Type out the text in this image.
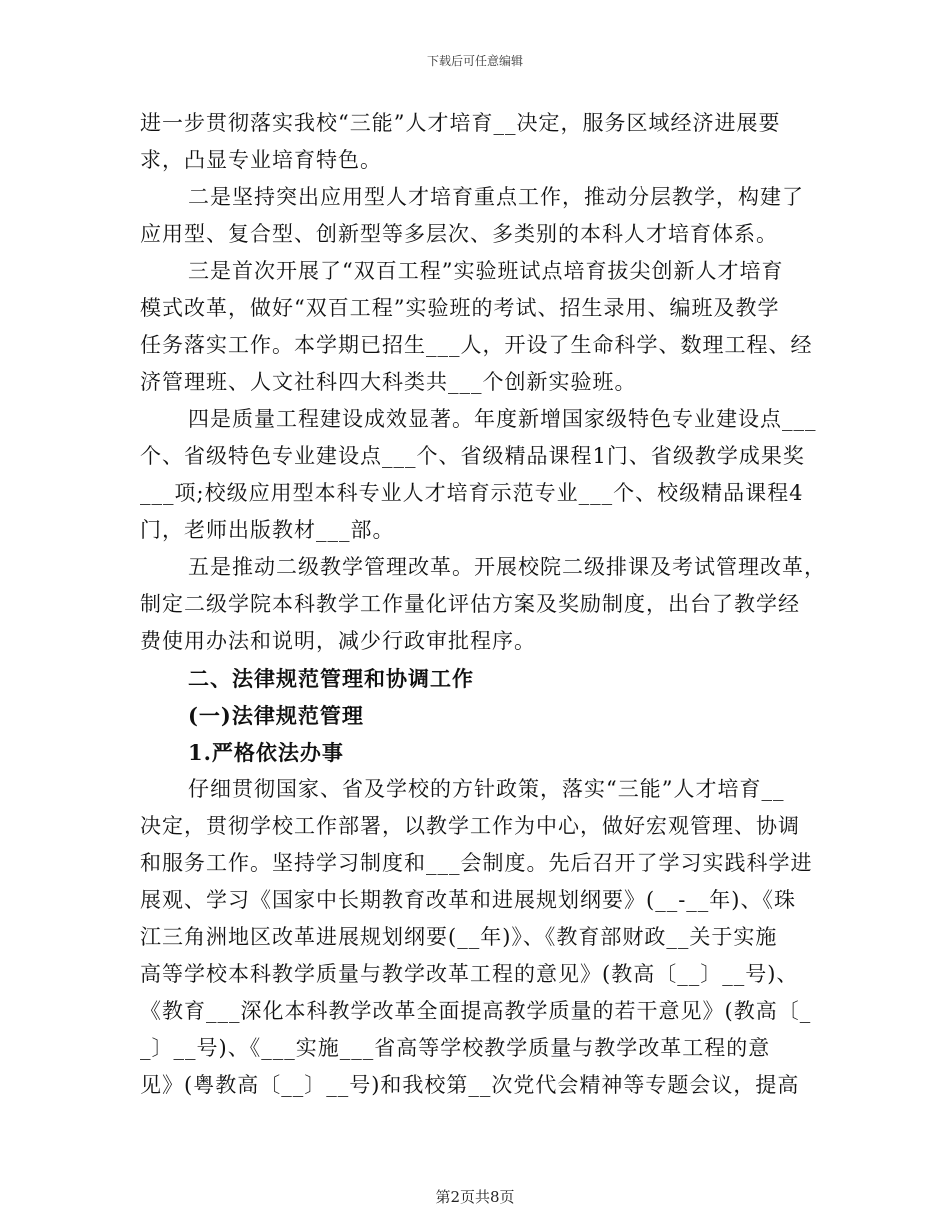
下载后可任意编辑
进一步贯彻落实我校“三能”人才培育__决定，服务区域经济进展要
求，凸显专业培育特色。
二是坚持突出应用型人才培育重点工作，推动分层教学，构建了
应用型、复合型、创新型等多层次、多类别的本科人才培育体系。
三是首次开展了“双百工程”实验班试点培育拔尖创新人才培育
模式改革，做好“双百工程”实验班的考试、招生录用、编班及教学
任务落实工作。本学期已招生___人，开设了生命科学、数理工程、经
济管理班、人文社科四大科类共___个创新实验班。
四是质量工程建设成效显著。年度新增国家级特色专业建设点___
个、省级特色专业建设点___个、省级精品课程1门、省级教学成果奖
___项;校级应用型本科专业人才培育示范专业___个、校级精品课程4
门，老师出版教材___部。
五是推动二级教学管理改革。开展校院二级排课及考试管理改革，
制定二级学院本科教学工作量化评估方案及奖励制度，出台了教学经
费使用办法和说明，减少行政审批程序。
二、法律规范管理和协调工作
(一)法律规范管理
1.严格依法办事
仔细贯彻国家、省及学校的方针政策，落实“三能”人才培育__
决定，贯彻学校工作部署，以教学工作为中心，做好宏观管理、协调
和服务工作。坚持学习制度和___会制度。先后召开了学习实践科学进
展观、学习《国家中长期教育改革和进展规划纲要》(__-__年)、《珠
江三角洲地区改革进展规划纲要(__年)》、《教育部财政__关于实施
高等学校本科教学质量与教学改革工程的意见》(教高〔__〕__号)、
《教育___深化本科教学改革全面提高教学质量的若干意见》(教高〔_
_〕__号)、《___实施___省高等学校教学质量与教学改革工程的意
见》(粤教高〔__〕__号)和我校第__次党代会精神等专题会议，提高
第2页共8页
